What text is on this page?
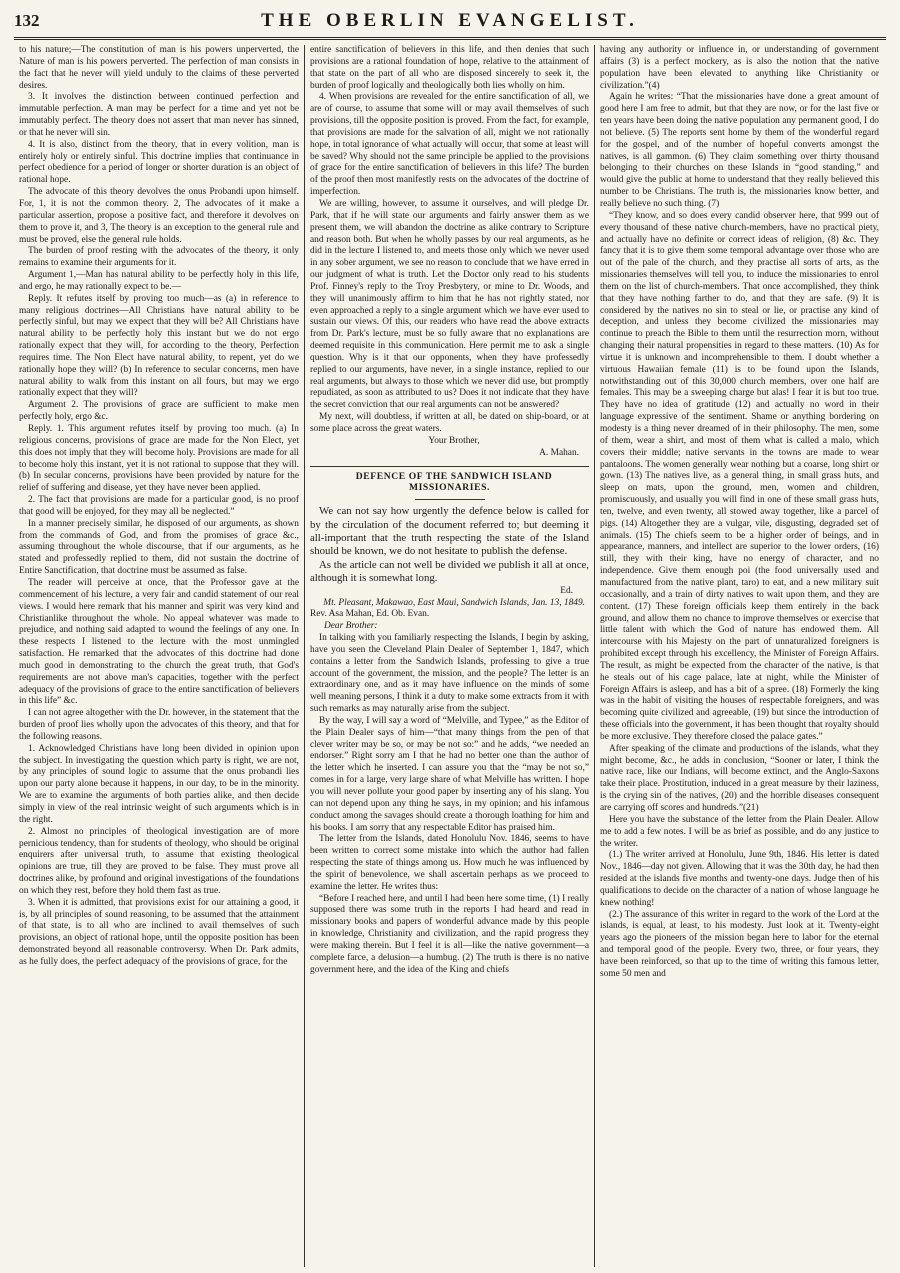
132	THE OBERLIN EVANGELIST.

to his nature;—The constitution of man is his powers unperverted, the Nature of man is his powers perverted. The perfection of man consists in the fact that he never will yield unduly to the claims of these perverted desires.

3. It involves the distinction between continued perfection and immutable perfection. A man may be perfect for a time and yet not be immutably perfect. The theory does not assert that man never has sinned, or that he never will sin.

4. It is also, distinct from the theory, that in every volition, man is entirely holy or entirely sinful. This doctrine implies that continuance in perfect obedience for a period of longer or shorter duration is an object of rational hope.

The advocate of this theory devolves the onus Probandi upon himself. For, 1, it is not the common theory. 2, The advocates of it make a particular assertion, propose a positive fact, and therefore it devolves on them to prove it, and 3, The theory is an exception to the general rule and must be proved, else the general rule holds.

The burden of proof resting with the advocates of the theory, it only remains to examine their arguments for it.

Argument 1,—Man has natural ability to be perfectly holy in this life, and ergo, he may rationally expect to be.—

Reply. It refutes itself by proving too much—as (a) in reference to many religious doctrines—All Christians have natural ability to be perfectly sinful, but may we expect that they will be? All Christians have natural ability to be perfectly holy this instant but we do not ergo rationally expect that they will, for according to the theory, Perfection requires time. The Non Elect have natural ability, to repent, yet do we rationally hope they will? (b) In reference to secular concerns, men have natural ability to walk from this instant on all fours, but may we ergo rationally expect that they will?

Argument 2. The provisions of grace are sufficient to make men perfectly holy, ergo &c.

Reply. 1. This argument refutes itself by proving too much. (a) In religious concerns, provisions of grace are made for the Non Elect, yet this does not imply that they will become holy. Provisions are made for all to become holy this instant, yet it is not rational to suppose that they will. (b) In secular concerns, provisions have been provided by nature for the relief of suffering and disease, yet they have never been applied.

2. The fact that provisions are made for a particular good, is no proof that good will be enjoyed, for they may all be neglected.”

In a manner precisely similar, he disposed of our arguments, as shown from the commands of God, and from the promises of grace &c., assuming throughout the whole discourse, that if our arguments, as he stated and professedly replied to them, did not sustain the doctrine of Entire Sanctification, that doctrine must be assumed as false.

The reader will perceive at once, that the Professor gave at the commencement of his lecture, a very fair and candid statement of our real views. I would here remark that his manner and spirit was very kind and Christianlike throughout the whole. No appeal whatever was made to prejudice, and nothing said adapted to wound the feelings of any one. In these respects I listened to the lecture with the most unmingled satisfaction. He remarked that the advocates of this doctrine had done much good in demonstrating to the church the great truth, that God's requirements are not above man's capacities, together with the perfect adequacy of the provisions of grace to the entire sanctification of believers in this life” &c.

I can not agree altogether with the Dr. however, in the statement that the burden of proof lies wholly upon the advocates of this theory, and that for the following reasons.

1. Acknowledged Christians have long been divided in opinion upon the subject. In investigating the question which party is right, we are not, by any principles of sound logic to assume that the onus probandi lies upon our party alone because it happens, in our day, to be in the minority. We are to examine the arguments of both parties alike, and then decide simply in view of the real intrinsic weight of such arguments which is in the right.

2. Almost no principles of theological investigation are of more pernicious tendency, than for students of theology, who should be original enquirers after universal truth, to assume that existing theological opinions are true, till they are proved to be false. They must prove all doctrines alike, by profound and original investigations of the foundations on which they rest, before they hold them fast as true.

3. When it is admitted, that provisions exist for our attaining a good, it is, by all principles of sound reasoning, to be assumed that the attainment of that state, is to all who are inclined to avail themselves of such provisions, an object of rational hope, until the opposite position has been demonstrated beyond all reasonable controversy. When Dr. Park admits, as he fully does, the perfect adequacy of the provisions of grace, for the

entire sanctification of believers in this life, and then denies that such provisions are a rational foundation of hope, relative to the attainment of that state on the part of all who are disposed sincerely to seek it, the burden of proof logically and theologically both lies wholly on him.

4. When provisions are revealed for the entire sanctification of all, we are of course, to assume that some will or may avail themselves of such provisions, till the opposite position is proved. From the fact, for example, that provisions are made for the salvation of all, might we not rationally hope, in total ignorance of what actually will occur, that some at least will be saved? Why should not the same principle be applied to the provisions of grace for the entire sanctification of believers in this life? The burden of the proof then most manifestly rests on the advocates of the doctrine of imperfection.

We are willing, however, to assume it ourselves, and will pledge Dr. Park, that if he will state our arguments and fairly answer them as we present them, we will abandon the doctrine as alike contrary to Scripture and reason both. But when he wholly passes by our real arguments, as he did in the lecture I listened to, and meets those only which we never used in any sober argument, we see no reason to conclude that we have erred in our judgment of what is truth. Let the Doctor only read to his students Prof. Finney's reply to the Troy Presbytery, or mine to Dr. Woods, and they will unanimously affirm to him that he has not rightly stated, nor even approached a reply to a single argument which we have ever used to sustain our views. Of this, our readers who have read the above extracts from Dr. Park's lecture, must be so fully aware that no explanations are deemed requisite in this communication. Here permit me to ask a single question. Why is it that our opponents, when they have professedly replied to our arguments, have never, in a single instance, replied to our real arguments, but always to those which we never did use, but promptly repudiated, as soon as attributed to us? Does it not indicate that they have the secret conviction that our real arguments can not be answered?

My next, will doubtless, if written at all, be dated on ship-board, or at some place across the great waters.

Your Brother,

A. Mahan.

DEFENCE OF THE SANDWICH ISLAND MISSIONARIES.

We can not say how urgently the defence below is called for by the circulation of the document referred to; but deeming it all-important that the truth respecting the state of the Island should be known, we do not hesitate to publish the defense.

As the article can not well be divided we publish it all at once, although it is somewhat long.

Ed.

Mt. Pleasant, Makawao, East Maui, Sandwich Islands, Jan. 13, 1849.

Rev. Asa Mahan, Ed. Ob. Evan.

Dear Brother:

In talking with you familiarly respecting the Islands, I begin by asking, have you seen the Cleveland Plain Dealer of September 1, 1847, which contains a letter from the Sandwich Islands, professing to give a true account of the government, the mission, and the people? The letter is an extraordinary one, and as it may have influence on the minds of some well meaning persons, I think it a duty to make some extracts from it with such remarks as may naturally arise from the subject.

By the way, I will say a word of “Melville, and Typee,” as the Editor of the Plain Dealer says of him—“that many things from the pen of that clever writer may be so, or may be not so:” and he adds, “we needed an endorser.” Right sorry am I that he had no better one than the author of the letter which he inserted. I can assure you that the “may be not so,” comes in for a large, very large share of what Melville has written. I hope you will never pollute your good paper by inserting any of his slang. You can not depend upon any thing he says, in my opinion; and his infamous conduct among the savages should create a thorough loathing for him and his books. I am sorry that any respectable Editor has praised him.

The letter from the Islands, dated Honolulu Nov. 1846, seems to have been written to correct some mistake into which the author had fallen respecting the state of things among us. How much he was influenced by the spirit of benevolence, we shall ascertain perhaps as we proceed to examine the letter. He writes thus:

“Before I reached here, and until I had been here some time, (1) I really supposed there was some truth in the reports I had heard and read in missionary books and papers of wonderful advance made by this people in knowledge, Christianity and civilization, and the rapid progress they were making therein. But I feel it is all—like the native government—a complete farce, a delusion—a humbug. (2) The truth is there is no native government here, and the idea of the King and chiefs

having any authority or influence in, or understanding of government affairs (3) is a perfect mockery, as is also the notion that the native population have been elevated to anything like Christianity or civilization.”(4)

Again he writes: “That the missionaries have done a great amount of good here I am free to admit, but that they are now, or for the last five or ten years have been doing the native population any permanent good, I do not believe. (5) The reports sent home by them of the wonderful regard for the gospel, and of the number of hopeful converts amongst the natives, is all gammon. (6) They claim something over thirty thousand belonging to their churches on these Islands in “good standing,” and would give the public at home to understand that they really believed this number to be Christians. The truth is, the missionaries know better, and really believe no such thing. (7)

“They know, and so does every candid observer here, that 999 out of every thousand of these native church-members, have no practical piety, and actually have no definite or correct ideas of religion, (8) &c. They fancy that it is to give them some temporal advantage over those who are out of the pale of the church, and they practise all sorts of arts, as the missionaries themselves will tell you, to induce the missionaries to enrol them on the list of church-members. That once accomplished, they think that they have nothing farther to do, and that they are safe. (9) It is considered by the natives no sin to steal or lie, or practise any kind of deception, and unless they become civilized the missionaries may continue to preach the Bible to them until the resurrection morn, without changing their natural propensities in regard to these matters. (10) As for virtue it is unknown and incomprehensible to them. I doubt whether a virtuous Hawaiian female (11) is to be found upon the Islands, notwithstanding out of this 30,000 church members, over one half are females. This may be a sweeping charge but alas! I fear it is but too true. They have no idea of gratitude (12) and actually no word in their language expressive of the sentiment. Shame or anything bordering on modesty is a thing never dreamed of in their philosophy. The men, some of them, wear a shirt, and most of them what is called a malo, which covers their middle; native servants in the towns are made to wear pantaloons. The women generally wear nothing but a coarse, long shirt or gown. (13) The natives live, as a general thing, in small grass huts, and sleep on mats, upon the ground, men, women and children, promiscuously, and usually you will find in one of these small grass huts, ten, twelve, and even twenty, all stowed away together, like a parcel of pigs. (14) Altogether they are a vulgar, vile, disgusting, degraded set of animals. (15) The chiefs seem to be a higher order of beings, and in appearance, manners, and intellect are superior to the lower orders, (16) still, they with their king, have no energy of character, and no independence. Give them enough poi (the food universally used and manufactured from the native plant, taro) to eat, and a new military suit occasionally, and a train of dirty natives to wait upon them, and they are content. (17) These foreign officials keep them entirely in the back ground, and allow them no chance to improve themselves or exercise that little talent with which the God of nature has endowed them. All intercourse with his Majesty on the part of unnaturalized foreigners is prohibited except through his excellency, the Minister of Foreign Affairs. The result, as might be expected from the character of the native, is that he steals out of his cage palace, late at night, while the Minister of Foreign Affairs is asleep, and has a bit of a spree. (18) Formerly the king was in the habit of visiting the houses of respectable foreigners, and was becoming quite civilized and agreeable, (19) but since the introduction of these officials into the government, it has been thought that royalty should be more exclusive. They therefore closed the palace gates.”

After speaking of the climate and productions of the islands, what they might become, &c., he adds in conclusion, “Sooner or later, I think the native race, like our Indians, will become extinct, and the Anglo-Saxons take their place. Prostitution, induced in a great measure by their laziness, is the crying sin of the natives, (20) and the horrible diseases consequent are carrying off scores and hundreds.”(21)

Here you have the substance of the letter from the Plain Dealer. Allow me to add a few notes. I will be as brief as possible, and do any justice to the writer.

(1.) The writer arrived at Honolulu, June 9th, 1846. His letter is dated Nov., 1846—day not given. Allowing that it was the 30th day, he had then resided at the islands five months and twenty-one days. Judge then of his qualifications to decide on the character of a nation of whose language he knew nothing!

(2.) The assurance of this writer in regard to the work of the Lord at the islands, is equal, at least, to his modesty. Just look at it. Twenty-eight years ago the pioneers of the mission began here to labor for the eternal and temporal good of the people. Every two, three, or four years, they have been reinforced, so that up to the time of writing this famous letter, some 50 men and
